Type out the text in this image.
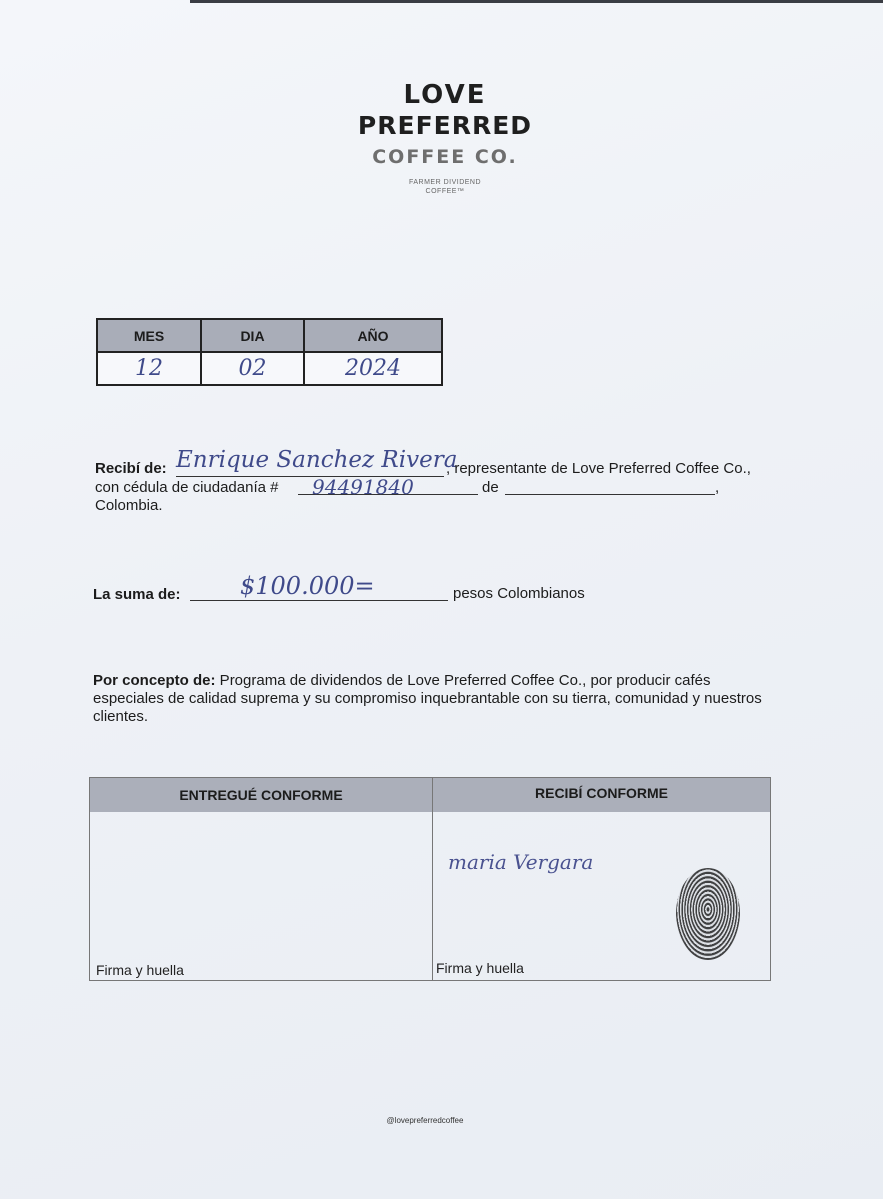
LOVE
PREFERRED
COFFEE CO.
FARMER DIVIDEND
COFFEE™
MES	DIA	AÑO

12	02	2024
Recibí de: Enrique Sanchez Rivera
, representante de Love Preferred Coffee Co.,
con cédula de ciudadanía # 94491840	de	,
Colombia.
La suma de: $100.000=	pesos Colombianos
Por concepto de: Programa de dividendos de Love Preferred Coffee Co., por producir cafés especiales de calidad suprema y su compromiso inquebrantable con su tierra, comunidad y nuestros clientes.
ENTREGUÉ CONFORME	RECIBÍ CONFORME
Firma y huella	Firma y huella
maria Vergara
@lovepreferredcoffee
